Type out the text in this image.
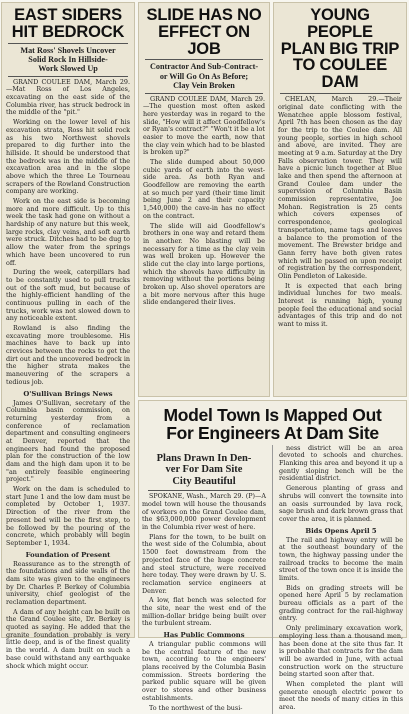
EAST SIDERS
HIT BEDROCK
Mat Ross' Shovels Uncover
Solid Rock In Hillside-
Work Slowed Up

GRAND COULEE DAM, March 29.—Mat Ross of Los Angeles, excavating on the east side of the Columbia river, has struck bedrock in the middle of the "pit."

Working on the lower level of his excavation strata, Ross hit solid rock as his two Northwest shovels prepared to dig further into the hillside. It should be understood that the bedrock was in the middle of the excavation area and in the slope above which the three Le Tourneau scrapers of the Rowland Construction company are working.

Work on the east side is becoming more and more difficult. Up to this week the task had gone on without a hardship of any nature but this week, large rocks, clay veins, and soft earth were struck. Ditches had to be dug to allow the water from the springs which have been uncovered to run off.

During the week, caterpillars had to be constantly used to pull trucks out of the soft mud, but because of the highly-efficient handling of the continuous pulling in each of the trucks, work was not slowed down to any noticeable extent.

Rowland is also finding the excavating more troublesome. His machines have to back up into crevices between the rocks to get the dirt out and the uncovered bedrock in the higher strata makes the maneuvering of the scrapers a tedious job.

O'Sullivan Brings News

James O'Sullivan, secretary of the Columbia basin commission, on returning yesterday from a conference of reclamation department and consulting engineers at Denver, reported that the engineers had found the proposed plan for the construction of the low dam and the high dam upon it to be "an entirely feasible engineering project."

Work on the dam is scheduled to start June 1 and the low dam must be completed by October 1, 1937. Direction of the river from the present bed will be the first step, to be followed by the pouring of the concrete, which probably will begin September 1, 1934.

Foundation of Present

Reassurance as to the strength of the foundations and side walls of the dam site was given to the engineers by Dr. Charles P. Berkey of Columbia university, chief geologist of the reclamation department.

A dam of any height can be built on the Grand Coulee site, Dr. Berkey is quoted as saying. He added that the granite foundation probably is very little deep, and is of the finest quality in the world. A dam built on such a base could withstand any earthquake shock which might occur.

SLIDE HAS NO
EFFECT ON JOB
Contractor And Sub-Contract-
or Will Go On As Before;
Clay Vein Broken

GRAND COULEE DAM, March 29.—The question most often asked here yesterday was in regard to the slide, "How will it affect Goodfellow's or Ryan's contract?" "Won't it be a lot easier to move the earth, now that the clay vein which had to be blasted is broken up?"

The slide dumped about 50,000 cubic yards of earth into the west-side area. As both Ryan and Goodfellow are removing the earth at so much per yard (their time limit being June 2 and their capacity 1,540,000) the cave-in has no effect on the contract.

The slide will aid Goodfellow's brothers in one way and retard them in another. No blasting will be necessary for a time as the clay vein was well broken up. However the slide cut the clay into large portions, which the shovels have difficulty in removing without the portions being broken up. Also shovel operators are a bit more nervous after this huge slide endangered their lives.

YOUNG PEOPLE
PLAN BIG TRIP
TO COULEE
DAM

CHELAN, March 29.—Their original date conflicting with the Wenatchee apple blossom festival, April 7th has been chosen as the day for the trip to the Coulee dam. All young people, sorties in high school and above, are invited. They are meeting at 9 a.m. Saturday at the Dry Falls observation tower. They will have a picnic lunch together at Blue lake and then spend the afternoon at Grand Coulee dam under the supervision of Columbia Basin commission representative, Joe Mohan. Registration is 25 cents which covers expenses of correspondence, geological transportation, name tags and leaves a balance to the promotion of the movement. The Brewster bridge and Gann ferry have both given rates which will be passed on upon receipt of registration by the correspondent, Olin Pendleton of Lakeside.

It is expected that each bring individual lunches for two meals. Interest is running high, young people feel the educational and social advantages of this trip and do not want to miss it.

Model Town Is Mapped Out
For Engineers At Dam Site
Plans Drawn In Den-
ver For Dam Site
City Beautiful

SPOKANE, Wash., March 29. (P)—A model town will house the thousands of workers on the Grand Coulee dam, the $63,000,000 power development in the Columbia river west of here.

Plans for the town, to be built on the west side of the Columbia, about 1500 feet downstream from the projected face of the huge concrete and steel structure, were received here today. They were drawn by U. S. reclamation service engineers at Denver.

A low, flat bench was selected for the site, near the west end of the million-dollar bridge being built over the turbulent stream.

Has Public Commons

A triangular public commons will be the central feature of the new town, according to the engineers' plans received by the Columbia Basin commission. Streets bordering the parked public square will be given over to stores and other business establishments.

To the northwest of the busi-

ness district will be an area devoted to schools and churches. Flanking this area and beyond it up a gently sloping bench will be the residential district.

Generous planting of grass and shrubs will convert the townsite into an oasis surrounded by lava rock, sage brush and dark brown grass that cover the area, it is planned.

Bids Opens April 5

The rail and highway entry will be at the southeast boundary of the town, the highway passing under the railroad tracks to become the main street of the town once it is inside the limits.

Bids on grading streets will be opened here April 5 by reclamation bureau officials as a part of the grading contract for the rail-highway entry.

Only preliminary excavation work, employing less than a thousand men, has been done at the site thus far. It is probable that contracts for the dam will be awarded in June, with actual construction work on the structure being started soon after that.

When completed the plant will generate enough electric power to meet the needs of many cities in this area.
